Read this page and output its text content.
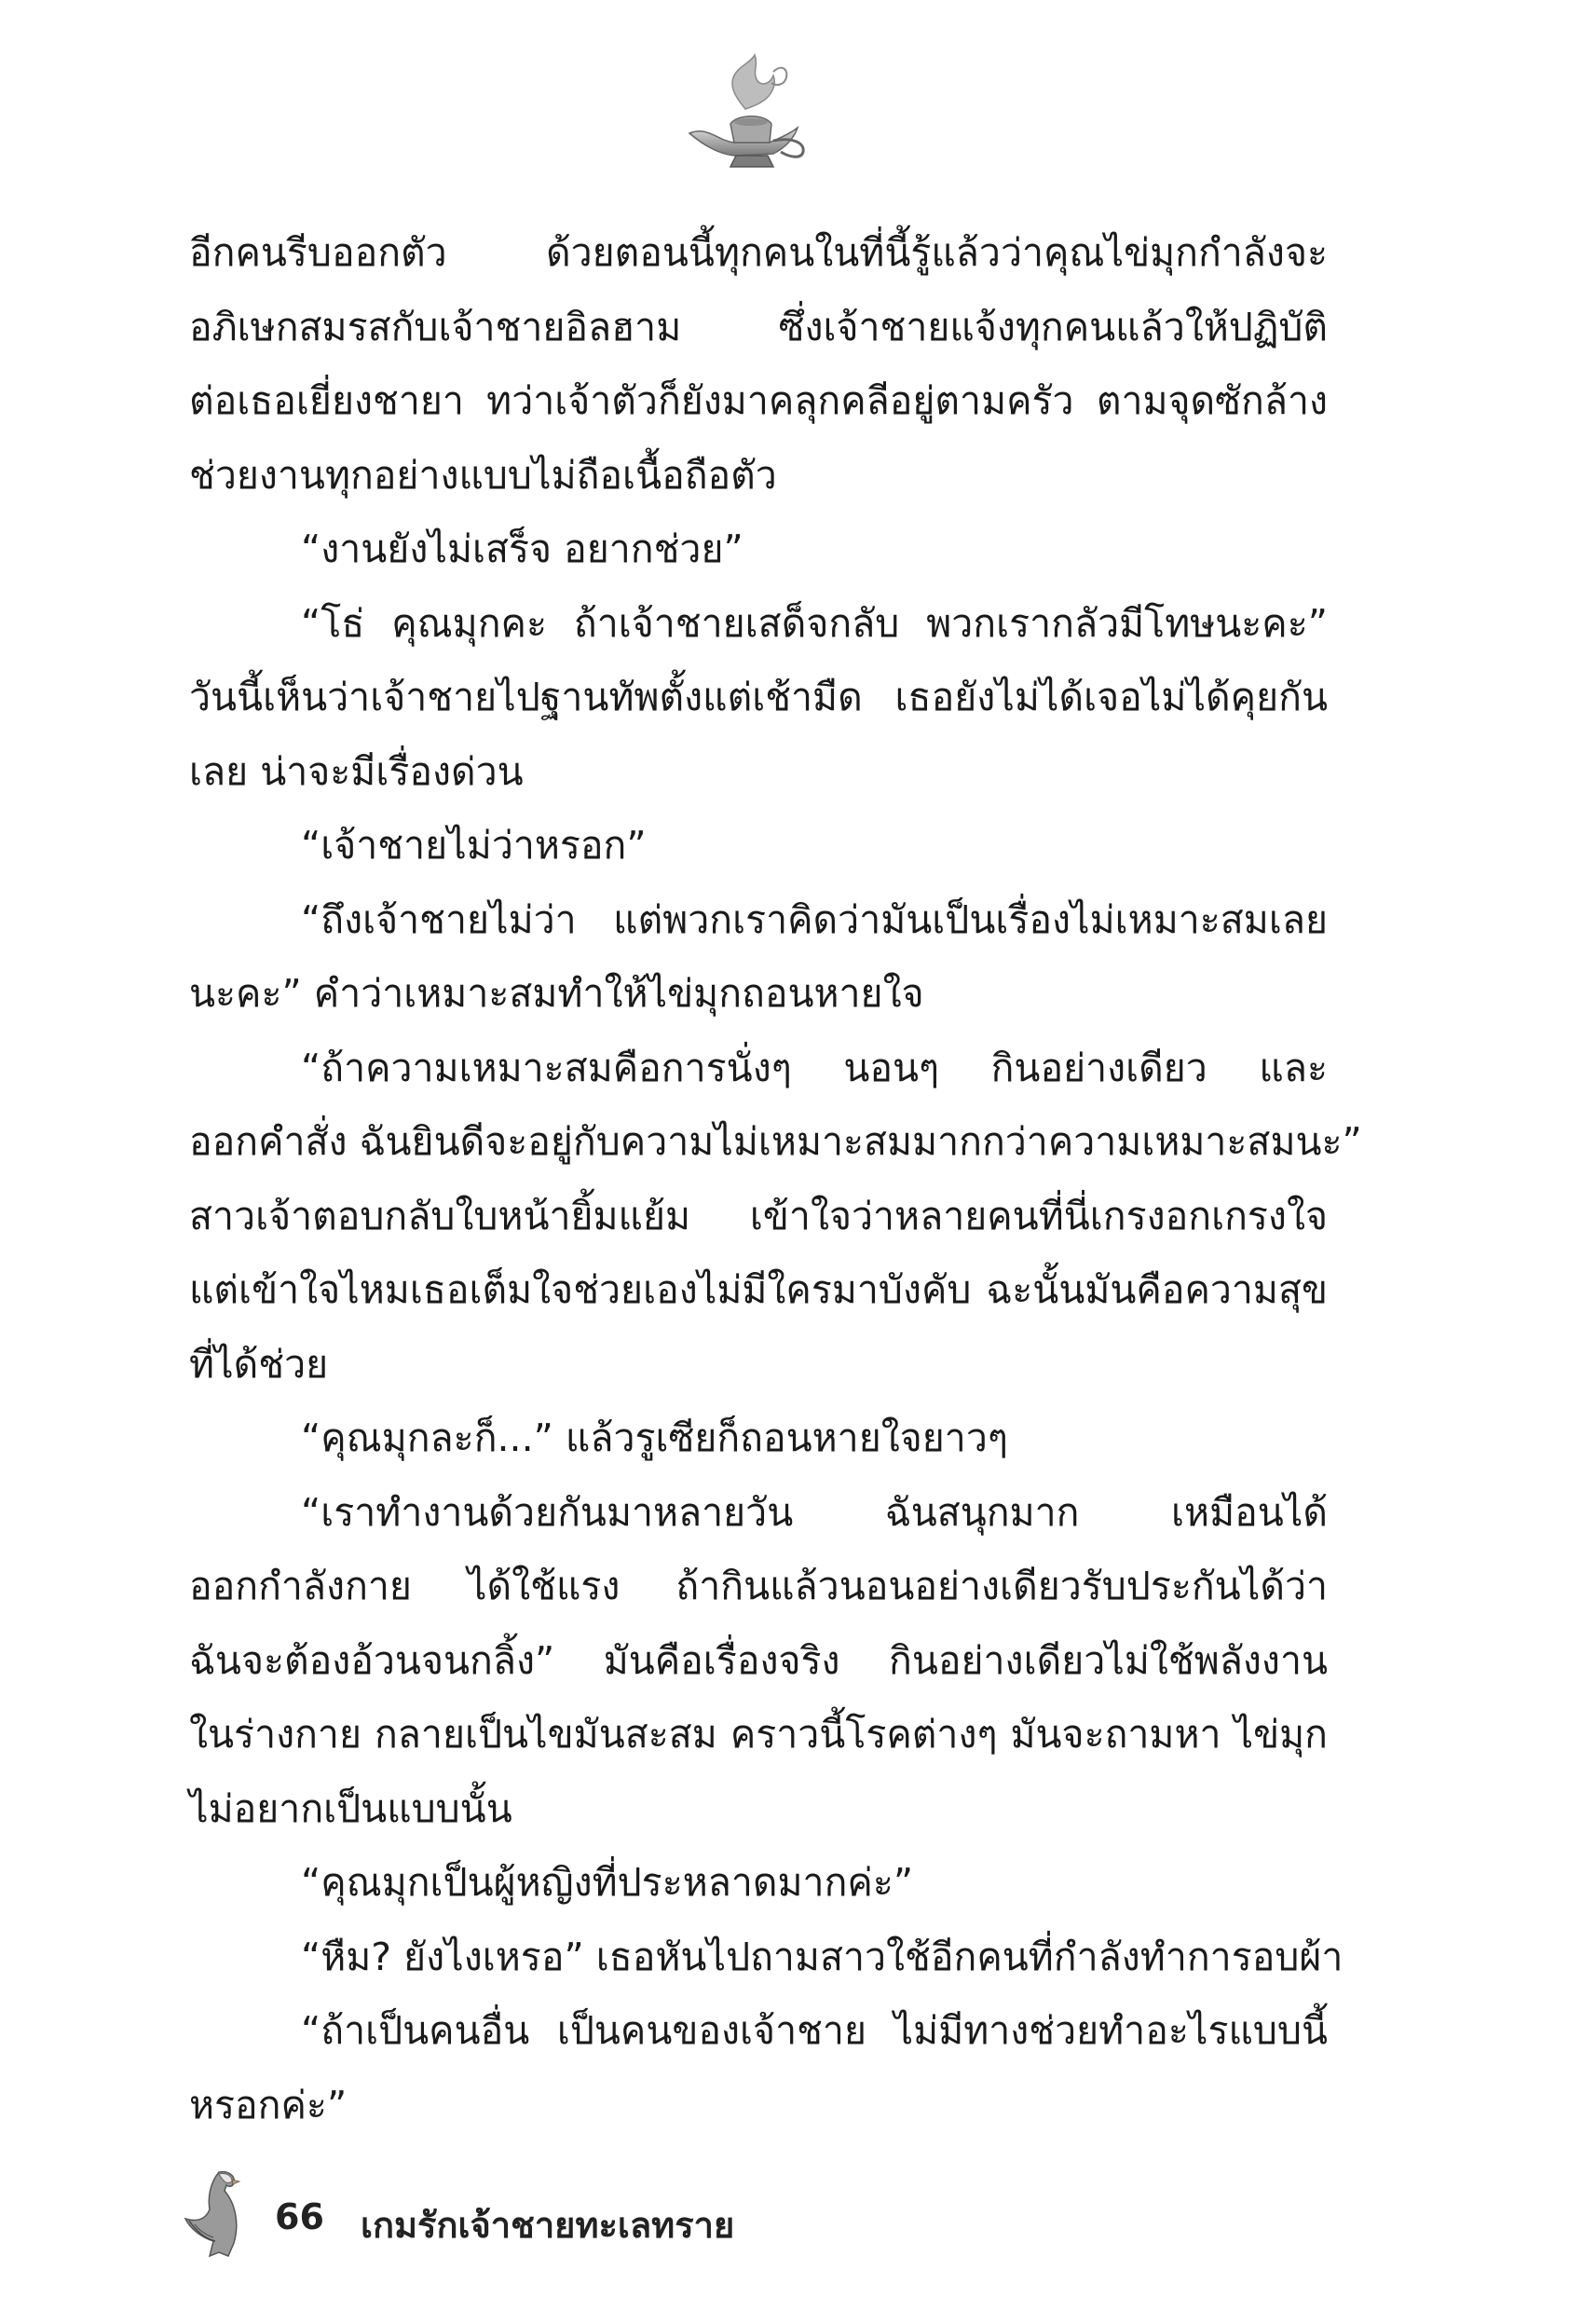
อีกคนรีบออกตัว ด้วยตอนนี้ทุกคนในที่นี้รู้แล้วว่าคุณไข่มุกกำลังจะ
อภิเษกสมรสกับเจ้าชายอิลฮาม ซึ่งเจ้าชายแจ้งทุกคนแล้วให้ปฏิบัติ
ต่อเธอเยี่ยงชายา ทว่าเจ้าตัวก็ยังมาคลุกคลีอยู่ตามครัว ตามจุดซักล้าง
ช่วยงานทุกอย่างแบบไม่ถือเนื้อถือตัว
“งานยังไม่เสร็จ อยากช่วย”
“โธ่ คุณมุกคะ ถ้าเจ้าชายเสด็จกลับ พวกเรากลัวมีโทษนะคะ”
วันนี้เห็นว่าเจ้าชายไปฐานทัพตั้งแต่เช้ามืด เธอยังไม่ได้เจอไม่ได้คุยกัน
เลย น่าจะมีเรื่องด่วน
“เจ้าชายไม่ว่าหรอก”
“ถึงเจ้าชายไม่ว่า แต่พวกเราคิดว่ามันเป็นเรื่องไม่เหมาะสมเลย
นะคะ” คำว่าเหมาะสมทำให้ไข่มุกถอนหายใจ
“ถ้าความเหมาะสมคือการนั่งๆ นอนๆ กินอย่างเดียว และ
ออกคำสั่ง ฉันยินดีจะอยู่กับความไม่เหมาะสมมากกว่าความเหมาะสมนะ”
สาวเจ้าตอบกลับใบหน้ายิ้มแย้ม เข้าใจว่าหลายคนที่นี่เกรงอกเกรงใจ
แต่เข้าใจไหมเธอเต็มใจช่วยเองไม่มีใครมาบังคับ ฉะนั้นมันคือความสุข
ที่ได้ช่วย
“คุณมุกละก็...” แล้วรูเซียก็ถอนหายใจยาวๆ
“เราทำงานด้วยกันมาหลายวัน ฉันสนุกมาก เหมือนได้
ออกกำลังกาย ได้ใช้แรง ถ้ากินแล้วนอนอย่างเดียวรับประกันได้ว่า
ฉันจะต้องอ้วนจนกลิ้ง” มันคือเรื่องจริง กินอย่างเดียวไม่ใช้พลังงาน
ในร่างกาย กลายเป็นไขมันสะสม คราวนี้โรคต่างๆ มันจะถามหา ไข่มุก
ไม่อยากเป็นแบบนั้น
“คุณมุกเป็นผู้หญิงที่ประหลาดมากค่ะ”
“หืม? ยังไงเหรอ” เธอหันไปถามสาวใช้อีกคนที่กำลังทำการอบผ้า
“ถ้าเป็นคนอื่น เป็นคนของเจ้าชาย ไม่มีทางช่วยทำอะไรแบบนี้
หรอกค่ะ”
66 เกมรักเจ้าชายทะเลทราย
